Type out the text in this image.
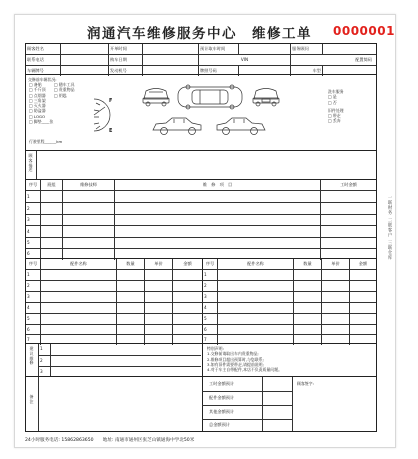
润通汽车维修服务中心　维修工单 0000001
顾客姓名	开单时间	预计取车时间	服务顾问
联系电话	购车日期	VIN	配置简码
车辆牌号	发动机号	牌照号码	车型
交修前车辆状况:
□ 备胎
□ 千斤顶
□ 点烟器
□ 三角架
□ 灭火器
□ 防盗器
□ LOGO
□ 脚垫____张
□ 随车工具
□ 贵重物品
□ 钥匙
行驶里程______km
F
E
洗车服务
□ 是
□ 否
旧件处理
□ 带走
□ 丢弃
顾客描述
序号	班组	维修技师	维　修　项　目	工时金额
1
2
3
4
5
6
序号	配件名称	数量	单价	金额	序号	配件名称	数量	单价	金额
1	1
2	2
3	3
4	4
5	5
6	6
7	7
建议维修
1
2
3
特别声明:
1.交修前请取出车内贵重物品;
2.维修项目超出预算时,与您联系;
3.如有旧件需要带走,请提前说明;
4.对于车主自带配件,本店不负责质量问题。
备注
工时金额预计
配件金额预计
其他金额预计
总金额预计
顾客签字:
一联财务 二联客户 三联仓库
24小时服务电话: 15862863650　　地址: 南通市通州区张芝山镇通海中学北50米
